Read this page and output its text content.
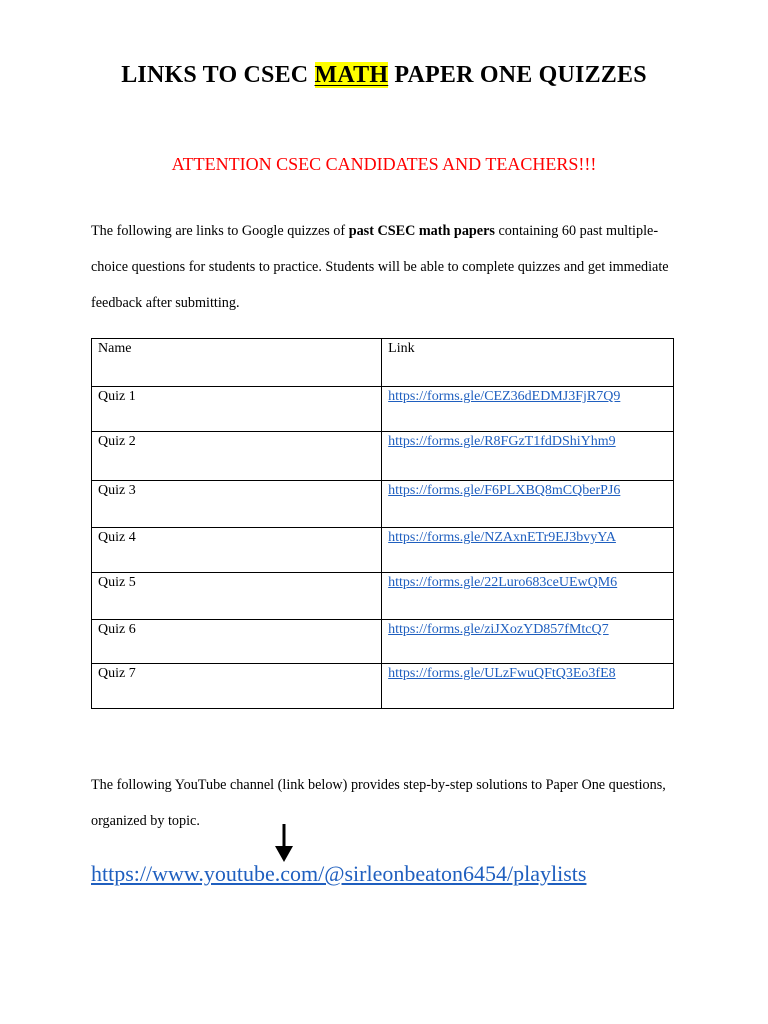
LINKS TO CSEC MATH PAPER ONE QUIZZES

ATTENTION CSEC CANDIDATES AND TEACHERS!!!

The following are links to Google quizzes of past CSEC math papers containing 60 past multiple-choice questions for students to practice. Students will be able to complete quizzes and get immediate feedback after submitting.

Name	Link
Quiz 1	https://forms.gle/CEZ36dEDMJ3FjR7Q9
Quiz 2	https://forms.gle/R8FGzT1fdDShiYhm9
Quiz 3	https://forms.gle/F6PLXBQ8mCQberPJ6
Quiz 4	https://forms.gle/NZAxnETr9EJ3bvyYA
Quiz 5	https://forms.gle/22Luro683ceUEwQM6
Quiz 6	https://forms.gle/ziJXozYD857fMtcQ7
Quiz 7	https://forms.gle/ULzFwuQFtQ3Eo3fE8

The following YouTube channel (link below) provides step-by-step solutions to Paper One questions, organized by topic.

https://www.youtube.com/@sirleonbeaton6454/playlists
